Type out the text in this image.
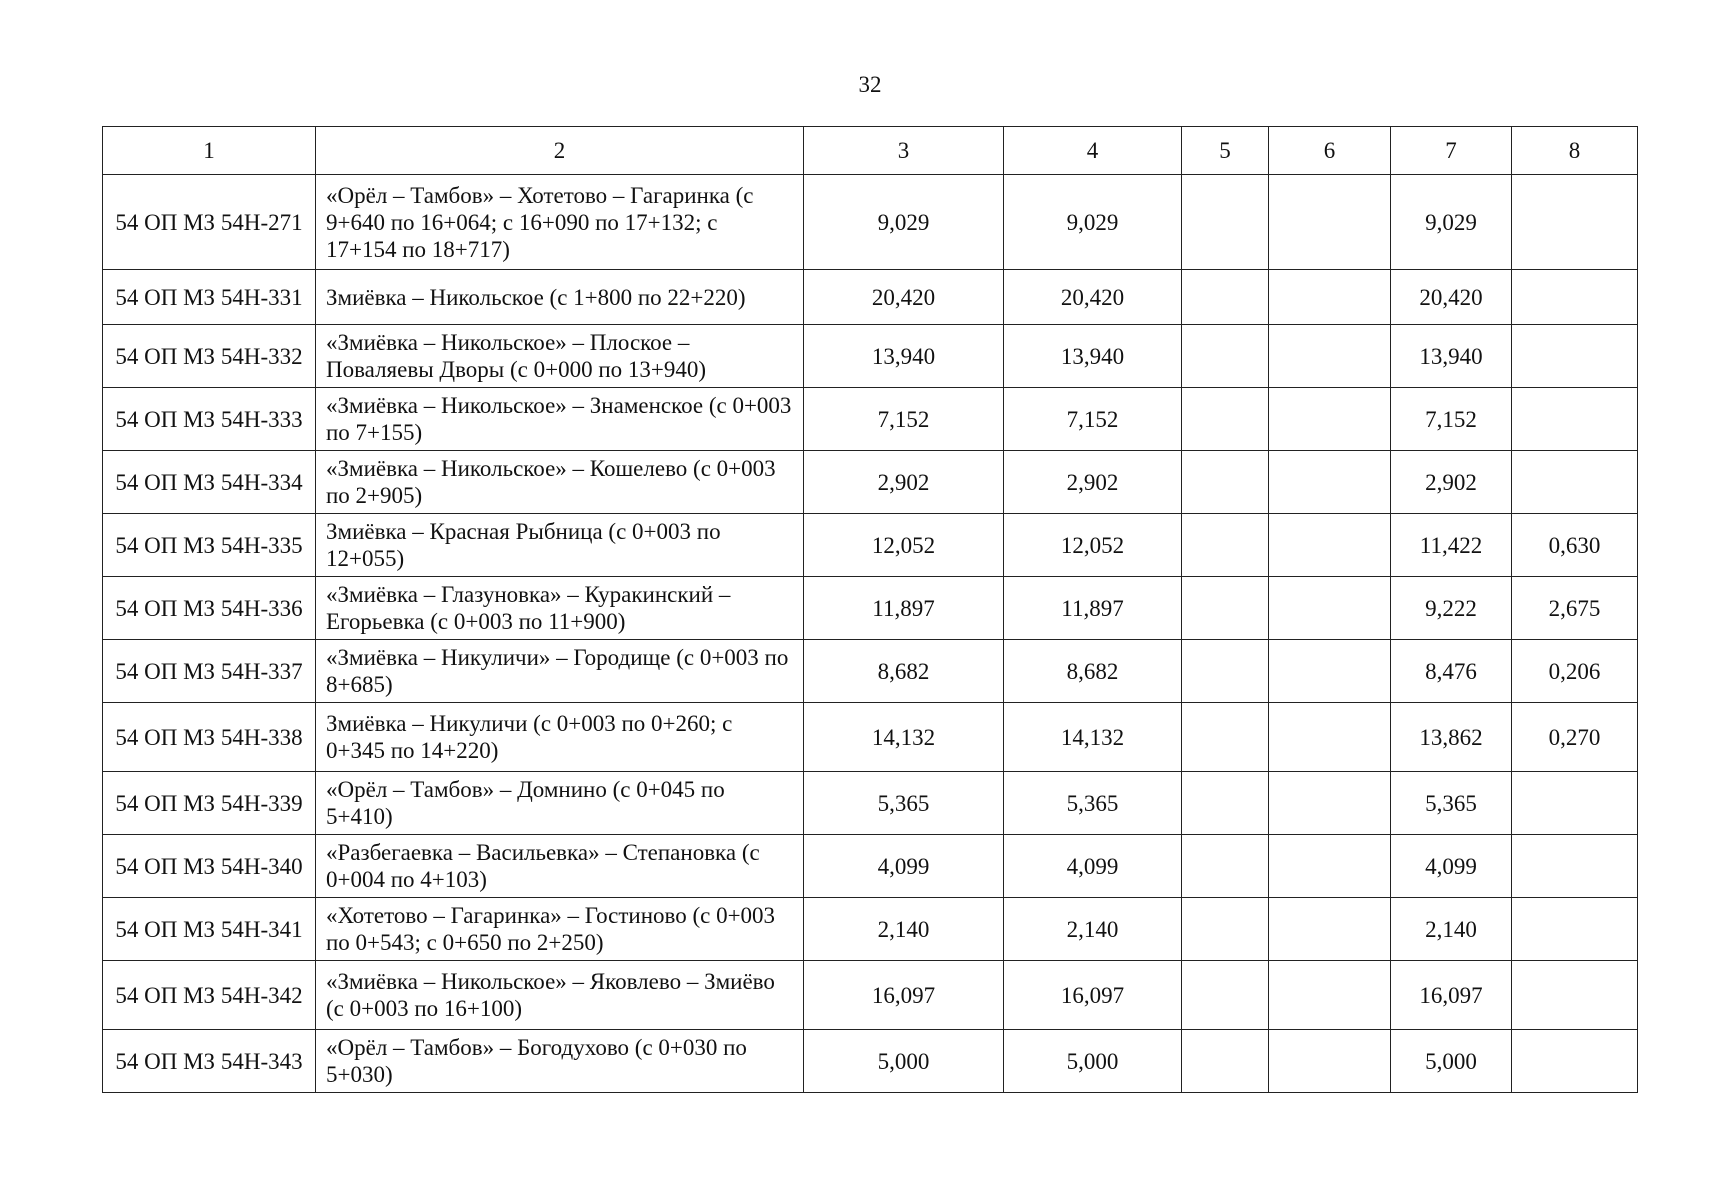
32
1	2	3	4	5	6	7	8
54 ОП МЗ 54Н-271	«Орёл – Тамбов» – Хотетово – Гагаринка (с 9+640 по 16+064; с 16+090 по 17+132; с 17+154 по 18+717)	9,029	9,029			9,029	
54 ОП МЗ 54Н-331	Змиёвка – Никольское (с 1+800 по 22+220)	20,420	20,420			20,420	
54 ОП МЗ 54Н-332	«Змиёвка – Никольское» – Плоское – Поваляевы Дворы (с 0+000 по 13+940)	13,940	13,940			13,940	
54 ОП МЗ 54Н-333	«Змиёвка – Никольское» – Знаменское (с 0+003 по 7+155)	7,152	7,152			7,152	
54 ОП МЗ 54Н-334	«Змиёвка – Никольское» – Кошелево (с 0+003 по 2+905)	2,902	2,902			2,902	
54 ОП МЗ 54Н-335	Змиёвка – Красная Рыбница (с 0+003 по 12+055)	12,052	12,052			11,422	0,630
54 ОП МЗ 54Н-336	«Змиёвка – Глазуновка» – Куракинский – Егорьевка (с 0+003 по 11+900)	11,897	11,897			9,222	2,675
54 ОП МЗ 54Н-337	«Змиёвка – Никуличи» – Городище (с 0+003 по 8+685)	8,682	8,682			8,476	0,206
54 ОП МЗ 54Н-338	Змиёвка – Никуличи (с 0+003 по 0+260; с 0+345 по 14+220)	14,132	14,132			13,862	0,270
54 ОП МЗ 54Н-339	«Орёл – Тамбов» – Домнино (с 0+045 по 5+410)	5,365	5,365			5,365	
54 ОП МЗ 54Н-340	«Разбегаевка – Васильевка» – Степановка (с 0+004 по 4+103)	4,099	4,099			4,099	
54 ОП МЗ 54Н-341	«Хотетово – Гагаринка» – Гостиново (с 0+003 по 0+543; с 0+650 по 2+250)	2,140	2,140			2,140	
54 ОП МЗ 54Н-342	«Змиёвка – Никольское» – Яковлево – Змиёво (с 0+003 по 16+100)	16,097	16,097			16,097	
54 ОП МЗ 54Н-343	«Орёл – Тамбов» – Богодухово (с 0+030 по 5+030)	5,000	5,000			5,000	
